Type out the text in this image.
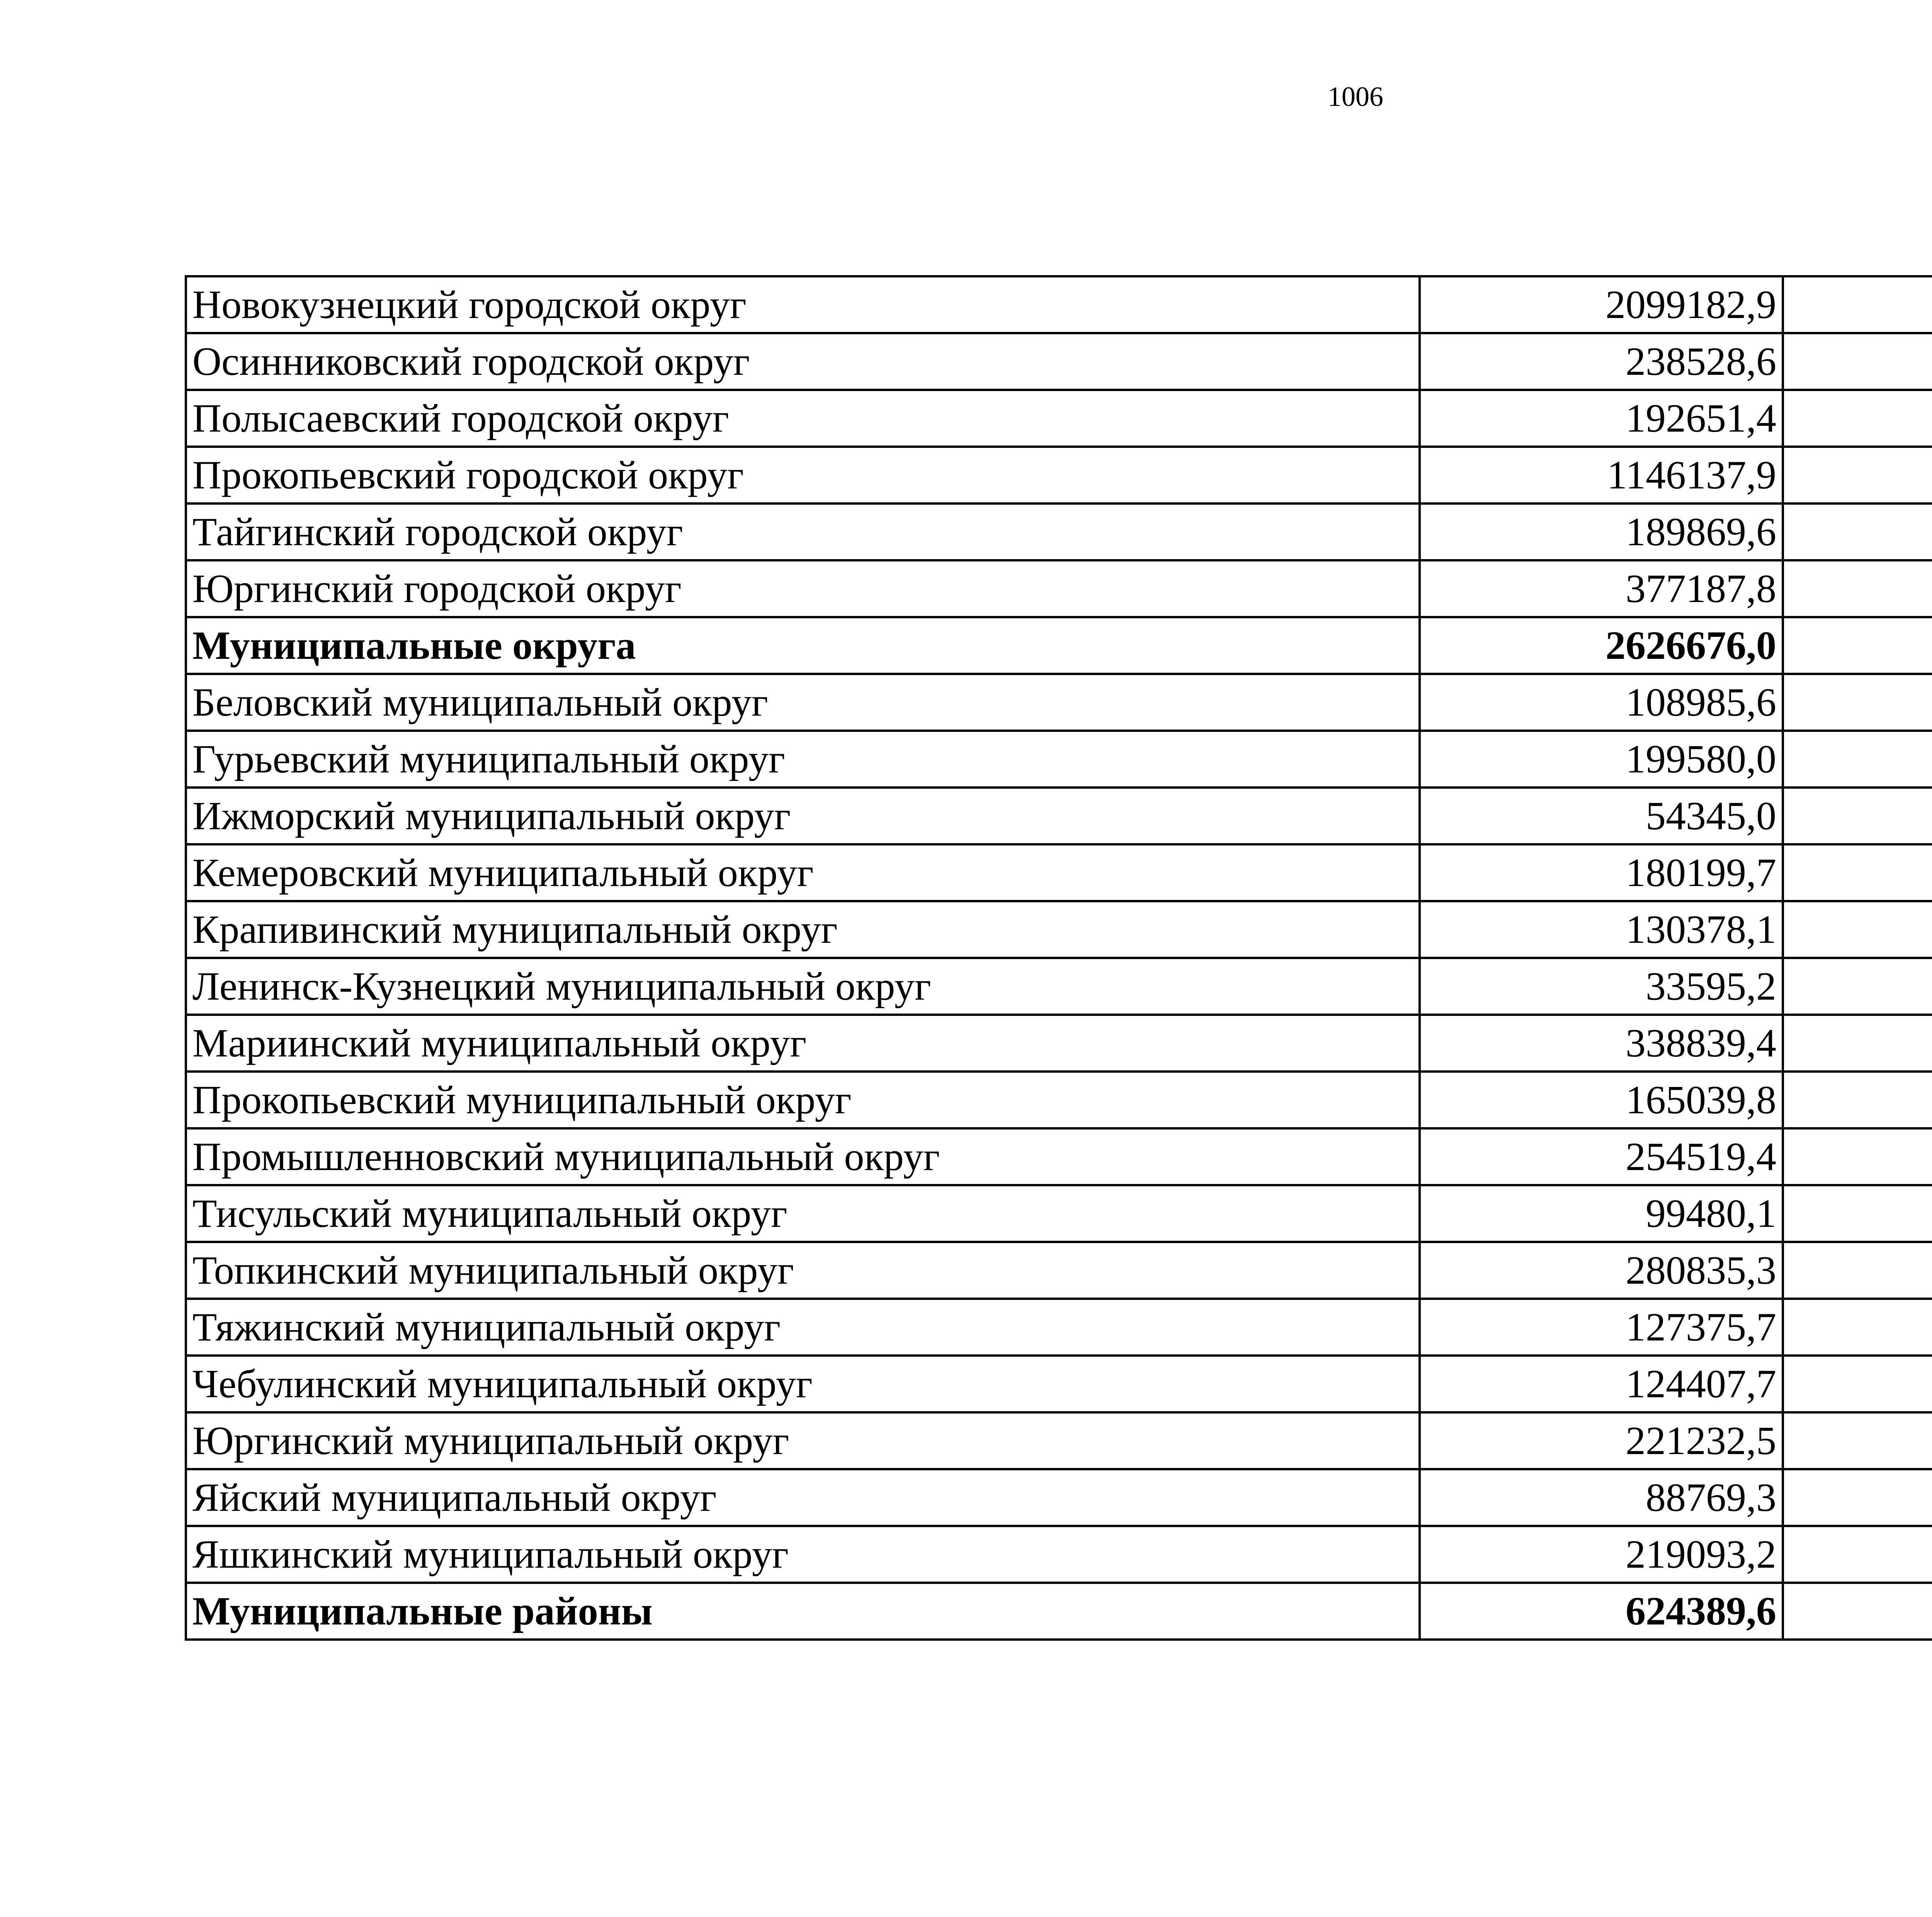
1006
Новокузнецкий городской округ	2099182,9		
Осинниковский городской округ	238528,6		
Полысаевский городской округ	192651,4		
Прокопьевский городской округ	1146137,9		
Тайгинский городской округ	189869,6		
Юргинский городской округ	377187,8		
Муниципальные округа	2626676,0		
Беловский муниципальный округ	108985,6		
Гурьевский муниципальный округ	199580,0		
Ижморский муниципальный округ	54345,0		
Кемеровский муниципальный округ	180199,7		
Крапивинский муниципальный округ	130378,1		
Ленинск-Кузнецкий муниципальный округ	33595,2		
Мариинский муниципальный округ	338839,4		
Прокопьевский муниципальный округ	165039,8		
Промышленновский муниципальный округ	254519,4		
Тисульский муниципальный округ	99480,1		
Топкинский муниципальный округ	280835,3		
Тяжинский муниципальный округ	127375,7		
Чебулинский муниципальный округ	124407,7		
Юргинский муниципальный округ	221232,5		
Яйский муниципальный округ	88769,3		
Яшкинский муниципальный округ	219093,2		
Муниципальные районы	624389,6		
